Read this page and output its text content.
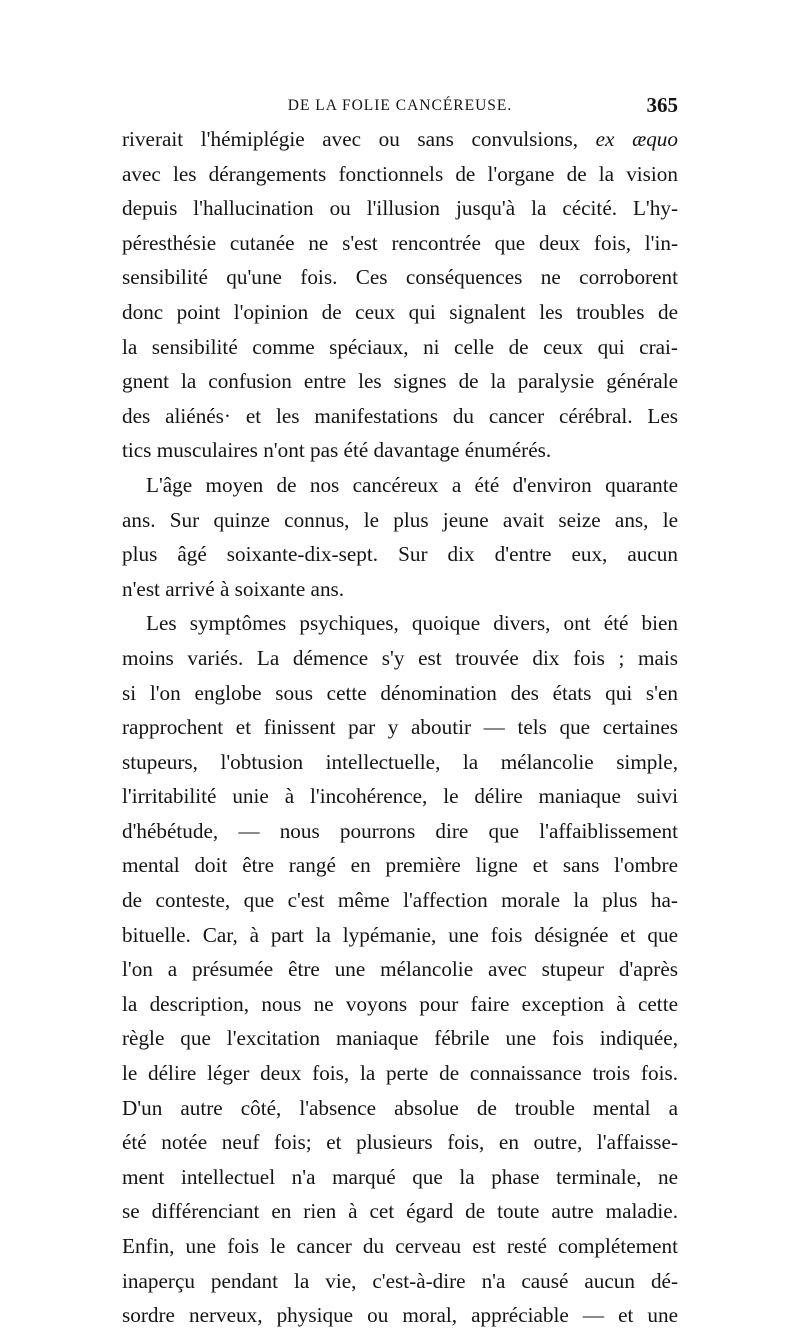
DE LA FOLIE CANCÉREUSE.	365
riverait l'hémiplégie avec ou sans convulsions, ex æquo
avec les dérangements fonctionnels de l'organe de la vision
depuis l'hallucination ou l'illusion jusqu'à la cécité. L'hy-
péresthésie cutanée ne s'est rencontrée que deux fois, l'in-
sensibilité qu'une fois. Ces conséquences ne corroborent
donc point l'opinion de ceux qui signalent les troubles de
la sensibilité comme spéciaux, ni celle de ceux qui crai-
gnent la confusion entre les signes de la paralysie générale
des aliénés· et les manifestations du cancer cérébral. Les
tics musculaires n'ont pas été davantage énumérés.
L'âge moyen de nos cancéreux a été d'environ quarante
ans. Sur quinze connus, le plus jeune avait seize ans, le
plus âgé soixante-dix-sept. Sur dix d'entre eux, aucun
n'est arrivé à soixante ans.
Les symptômes psychiques, quoique divers, ont été bien
moins variés. La démence s'y est trouvée dix fois ; mais
si l'on englobe sous cette dénomination des états qui s'en
rapprochent et finissent par y aboutir — tels que certaines
stupeurs, l'obtusion intellectuelle, la mélancolie simple,
l'irritabilité unie à l'incohérence, le délire maniaque suivi
d'hébétude, — nous pourrons dire que l'affaiblissement
mental doit être rangé en première ligne et sans l'ombre
de conteste, que c'est même l'affection morale la plus ha-
bituelle. Car, à part la lypémanie, une fois désignée et que
l'on a présumée être une mélancolie avec stupeur d'après
la description, nous ne voyons pour faire exception à cette
règle que l'excitation maniaque fébrile une fois indiquée,
le délire léger deux fois, la perte de connaissance trois fois.
D'un autre côté, l'absence absolue de trouble mental a
été notée neuf fois; et plusieurs fois, en outre, l'affaisse-
ment intellectuel n'a marqué que la phase terminale, ne
se différenciant en rien à cet égard de toute autre maladie.
Enfin, une fois le cancer du cerveau est resté complétement
inaperçu pendant la vie, c'est-à-dire n'a causé aucun dé-
sordre nerveux, physique ou moral, appréciable — et une
